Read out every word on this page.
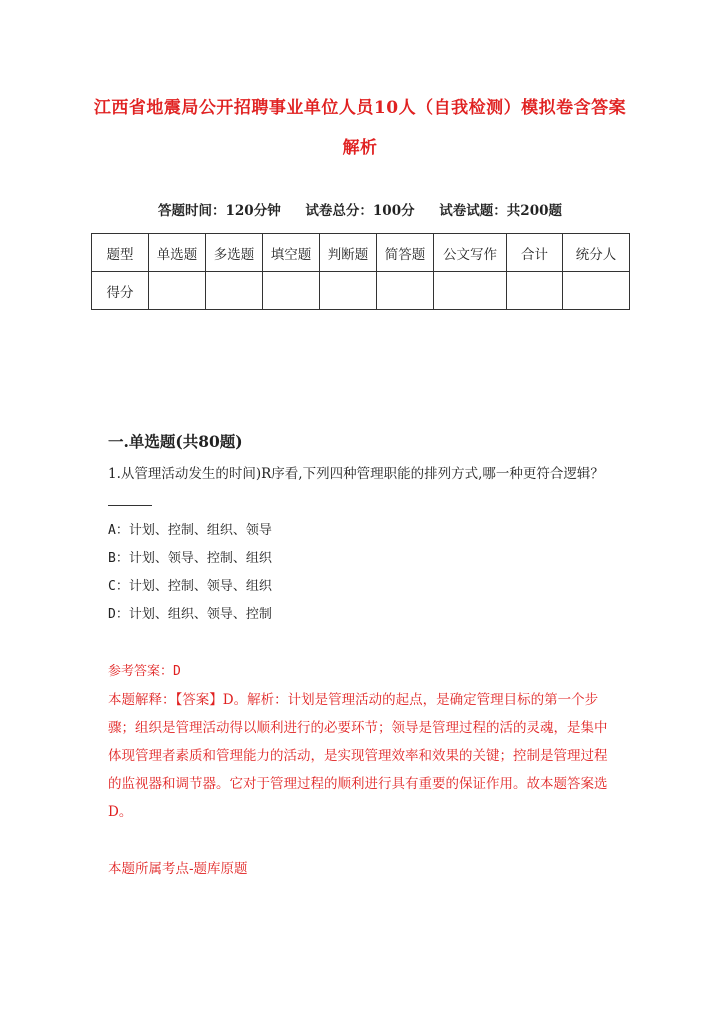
江西省地震局公开招聘事业单位人员10人（自我检测）模拟卷含答案解析
答题时间：120分钟 试卷总分：100分 试卷试题：共200题
题型	单选题	多选题	填空题	判断题	简答题	公文写作	合计	统分人
得分								
一.单选题(共80题)
1.从管理活动发生的时间)R序看,下列四种管理职能的排列方式,哪一种更符合逻辑？
A：计划、控制、组织、领导
B：计划、领导、控制、组织
C：计划、控制、领导、组织
D：计划、组织、领导、控制
参考答案：D
本题解释：【答案】D。解析：计划是管理活动的起点，是确定管理目标的第一个步骤；组织是管理活动得以顺利进行的必要环节；领导是管理过程的活的灵魂，是集中体现管理者素质和管理能力的活动，是实现管理效率和效果的关键；控制是管理过程的监视器和调节器。它对于管理过程的顺利进行具有重要的保证作用。故本题答案选D。
本题所属考点-题库原题
